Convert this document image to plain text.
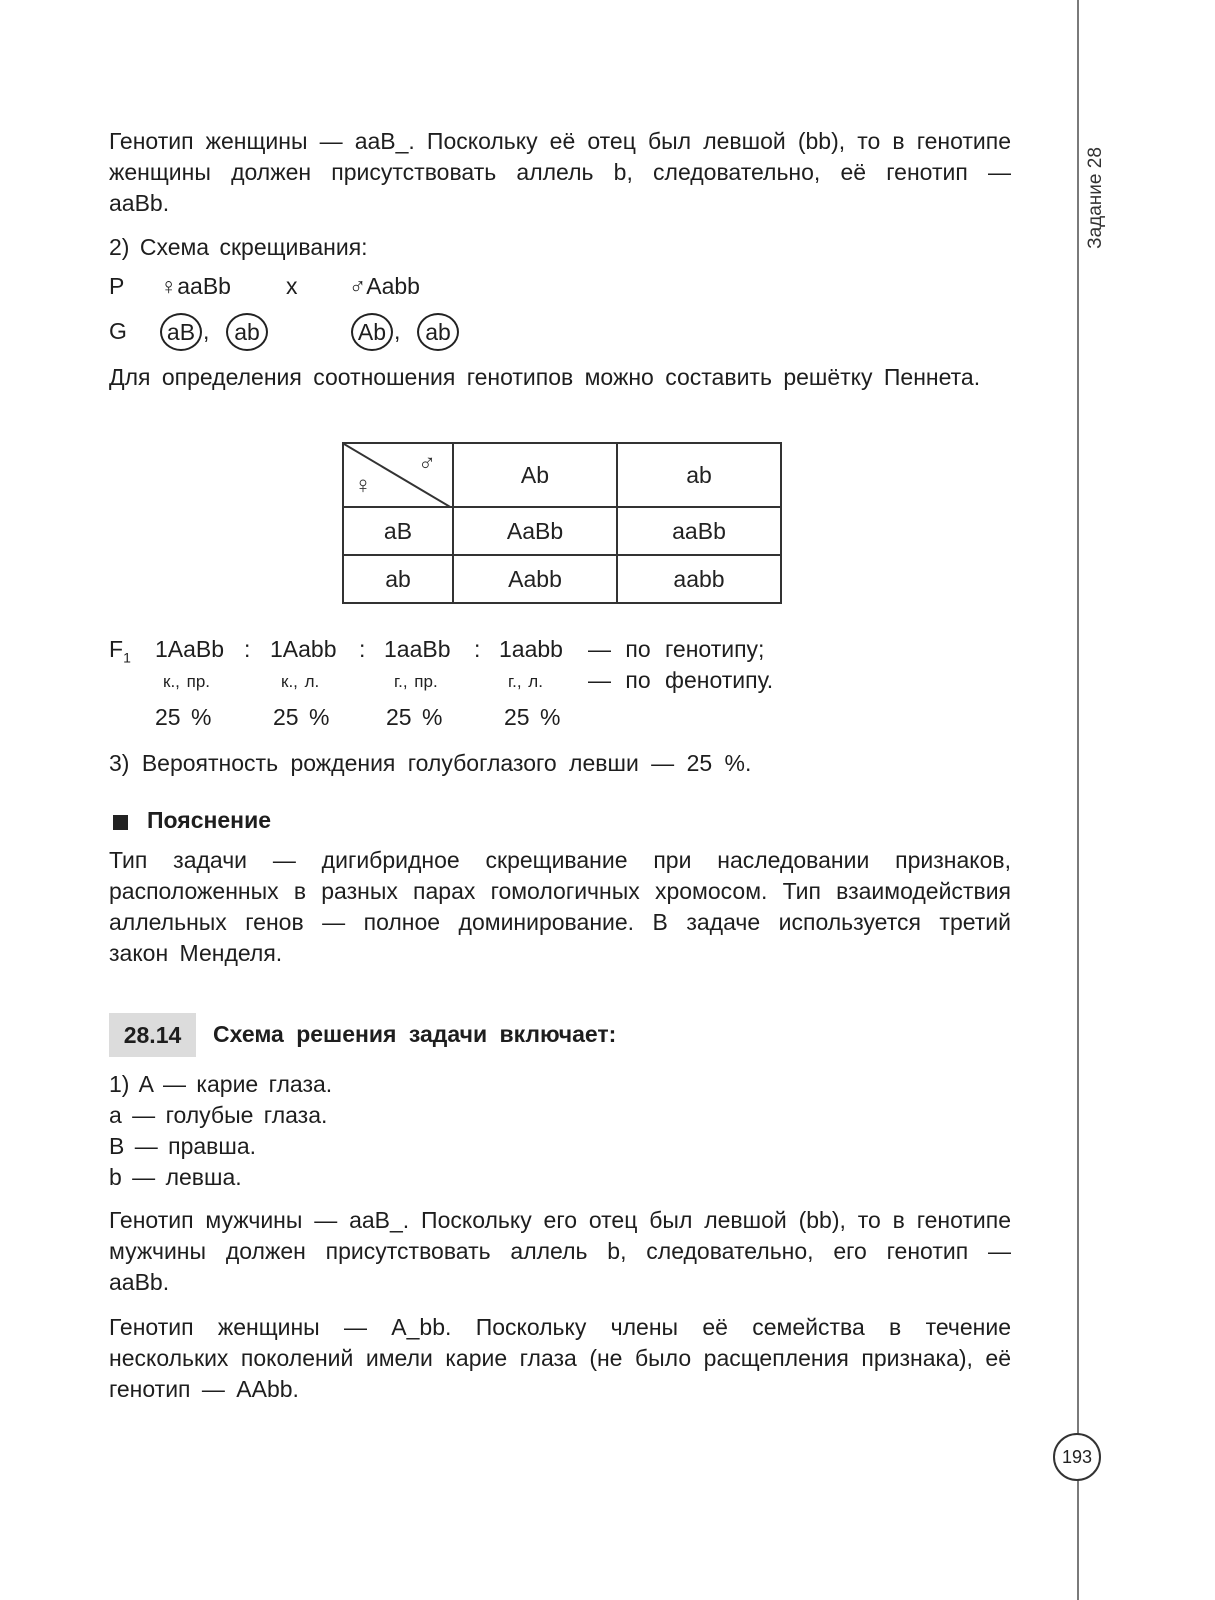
Задание 28
193

Генотип женщины — aaB_. Поскольку её отец был левшой (bb), то в генотипе женщины должен присутствовать аллель b, следовательно, её генотип — aaBb.

2) Схема скрещивания:
P ♀aaBb x ♂Aabb
G	aB ,	ab	Ab ,	ab

Для определения соотношения генотипов можно составить решётку Пеннета.

♀
♂	Ab	ab
aB	AaBb	aaBb
ab	Aabb	aabb
$F_1$ 1AaBb : 1Aabb : 1aaBb : 1aabb — по генотипу;
к., пр.	к., л.	г., пр.	г., л. — по фенотипу.
25 %	25 % 25 %	25 %
3) Вероятность рождения голубоглазого левши — 25 %.
Пояснение

Тип задачи — дигибридное скрещивание при наследовании признаков, расположенных в разных парах гомологичных хромосом. Тип взаимодействия аллельных генов — полное доминирование. В задаче используется третий закон Менделя.

28.14	Схема решения задачи включает:
1) A — карие глаза.
a — голубые глаза.
B — правша.
b — левша.

Генотип мужчины — aaB_. Поскольку его отец был левшой (bb), то в генотипе мужчины должен присутствовать аллель b, следовательно, его генотип — aaBb.

Генотип женщины — A_bb. Поскольку члены её семейства в течение нескольких поколений имели карие глаза (не было расщепления признака), её генотип — AAbb.
